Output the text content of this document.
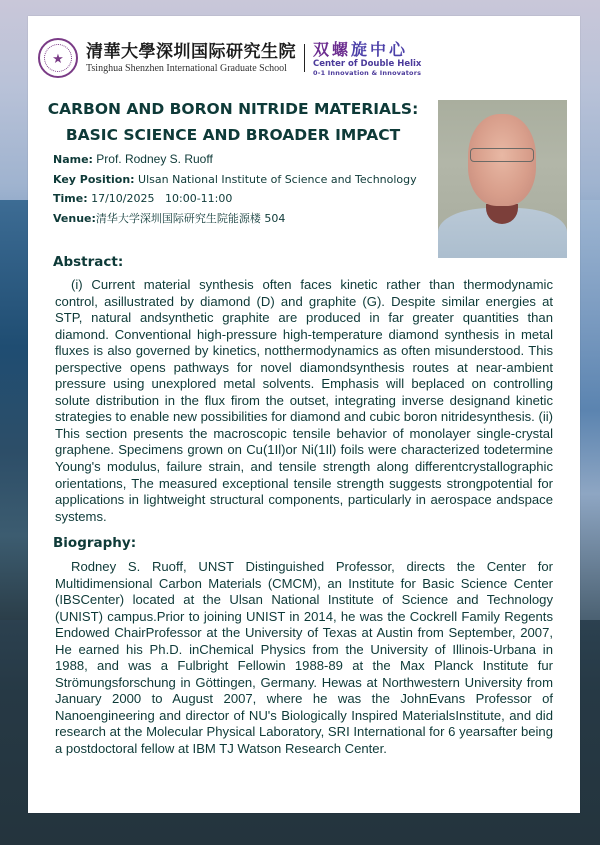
★ 清華大學深圳国际研究生院
Tsinghua Shenzhen International Graduate School
双螺旋中心
Center of Double Helix
0-1 Innovation & Innovators
CARBON AND BORON NITRIDE MATERIALS:
BASIC SCIENCE AND BROADER IMPACT
Name: Prof. Rodney S. Ruoff
Key Position: Ulsan National Institute of Science and Technology
Time: 17/10/2025   10:00-11:00
Venue:清华大学深圳国际研究生院能源楼 504
Abstract:

(i) Current material synthesis often faces kinetic rather than thermodynamic control, asillustrated by diamond (D) and graphite (G). Despite similar energies at STP, natural andsynthetic graphite are produced in far greater quantities than diamond. Conventional high-pressure high-temperature diamond synthesis in metal fluxes is also governed by kinetics, notthermodynamics as often misunderstood. This perspective opens pathways for novel diamondsynthesis routes at near-ambient pressure using unexplored metal solvents. Emphasis will beplaced on controlling solute distribution in the flux firom the outset, integrating inverse designand kinetic strategies to enable new possibilities for diamond and cubic boron nitridesynthesis. (ii) This section presents the macroscopic tensile behavior of monolayer single-crystal graphene. Specimens grown on Cu(1Il)or Ni(1Il) foils were characterized todetermine Young's modulus, failure strain, and tensile strength along differentcrystallographic orientations, The measured exceptional tensile strength suggests strongpotential for applications in lightweight structural components, particularly in aerospace andspace systems.

Biography:

Rodney S. Ruoff, UNST Distinguished Professor, directs the Center for Multidimensional Carbon Materials (CMCM), an Institute for Basic Science Center (IBSCenter) located at the Ulsan National Institute of Science and Technology (UNIST) campus.Prior to joining UNIST in 2014, he was the Cockrell Family Regents Endowed ChairProfessor at the University of Texas at Austin from September, 2007, He earned his Ph.D. inChemical Physics from the University of Illinois-Urbana in 1988, and was a Fulbright Fellowin 1988-89 at the Max Planck Institute fur Strömungsforschung in Göttingen, Germany. Hewas at Northwestern University from January 2000 to August 2007, where he was the JohnEvans Professor of Nanoengineering and director of NU's Biologically Inspired MaterialsInstitute, and did research at the Molecular Physical Laboratory, SRI International for 6 yearsafter being a postdoctoral fellow at IBM TJ Watson Research Center.
